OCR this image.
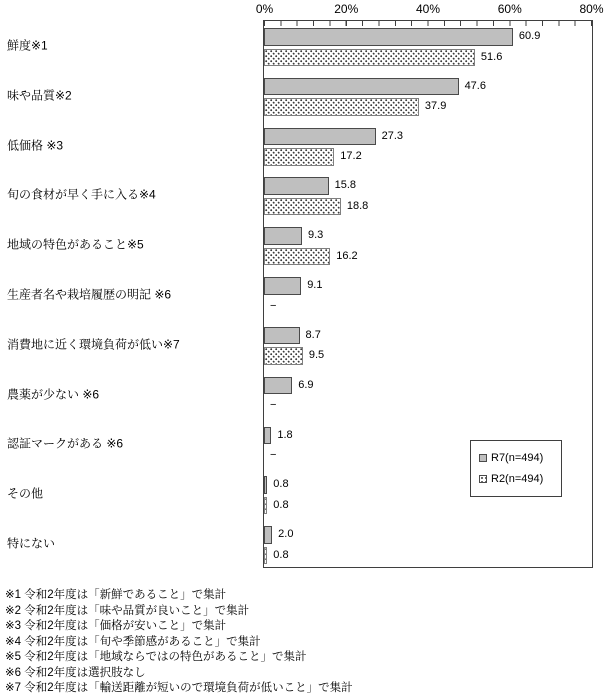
0%	20%	40%	60%	80%
60.9
51.6
47.6
37.9
27.3
17.2
15.8
18.8
9.3
16.2
9.1
−
8.7
9.5
6.9
−
1.8
−
0.8
0.8
2.0
0.8
R7(n=494)
R2(n=494)
※1 令和2年度は「新鮮であること」で集計
※2 令和2年度は「味や品質が良いこと」で集計
※3 令和2年度は「価格が安いこと」で集計
※4 令和2年度は「旬や季節感があること」で集計
※5 令和2年度は「地域ならではの特色があること」で集計
※6 令和2年度は選択肢なし
※7 令和2年度は「輸送距離が短いので環境負荷が低いこと」で集計
鮮度※1
味や品質※2
低価格 ※3
旬の食材が早く手に入る※4
地域の特色があること※5
生産者名や栽培履歴の明記 ※6
消費地に近く環境負荷が低い※7
農薬が少ない ※6
認証マークがある ※6
その他
特にない
